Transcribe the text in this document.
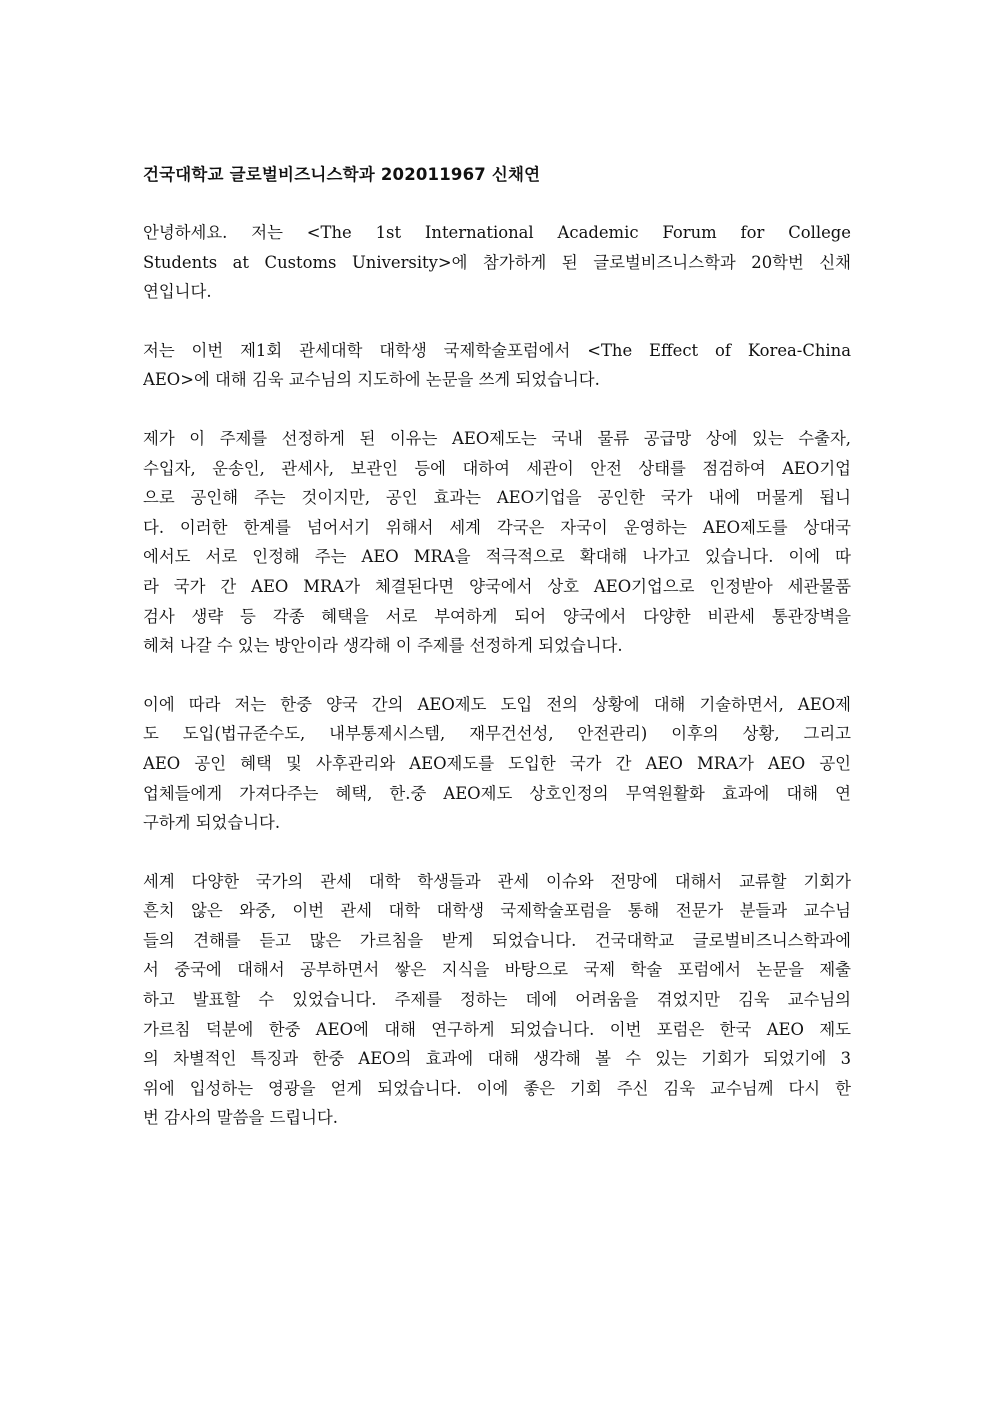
건국대학교 글로벌비즈니스학과 202011967 신채연
안녕하세요. 저는 <The 1st International Academic Forum for College
Students at Customs University>에 참가하게 된 글로벌비즈니스학과 20학번 신채
연입니다.
저는 이번 제1회 관세대학 대학생 국제학술포럼에서 <The Effect of Korea-China
AEO>에 대해 김욱 교수님의 지도하에 논문을 쓰게 되었습니다.
제가 이 주제를 선정하게 된 이유는 AEO제도는 국내 물류 공급망 상에 있는 수출자,
수입자, 운송인, 관세사, 보관인 등에 대하여 세관이 안전 상태를 점검하여 AEO기업
으로 공인해 주는 것이지만, 공인 효과는 AEO기업을 공인한 국가 내에 머물게 됩니
다. 이러한 한계를 넘어서기 위해서 세계 각국은 자국이 운영하는 AEO제도를 상대국
에서도 서로 인정해 주는 AEO MRA을 적극적으로 확대해 나가고 있습니다. 이에 따
라 국가 간 AEO MRA가 체결된다면 양국에서 상호 AEO기업으로 인정받아 세관물품
검사 생략 등 각종 혜택을 서로 부여하게 되어 양국에서 다양한 비관세 통관장벽을
헤쳐 나갈 수 있는 방안이라 생각해 이 주제를 선정하게 되었습니다.
이에 따라 저는 한중 양국 간의 AEO제도 도입 전의 상황에 대해 기술하면서, AEO제
도 도입(법규준수도, 내부통제시스템, 재무건선성, 안전관리) 이후의 상황, 그리고
AEO 공인 혜택 및 사후관리와 AEO제도를 도입한 국가 간 AEO MRA가 AEO 공인
업체들에게 가져다주는 혜택, 한.중 AEO제도 상호인정의 무역원활화 효과에 대해 연
구하게 되었습니다.
세계 다양한 국가의 관세 대학 학생들과 관세 이슈와 전망에 대해서 교류할 기회가
흔치 않은 와중, 이번 관세 대학 대학생 국제학술포럼을 통해 전문가 분들과 교수님
들의 견해를 듣고 많은 가르침을 받게 되었습니다. 건국대학교 글로벌비즈니스학과에
서 중국에 대해서 공부하면서 쌓은 지식을 바탕으로 국제 학술 포럼에서 논문을 제출
하고 발표할 수 있었습니다. 주제를 정하는 데에 어려움을 겪었지만 김욱 교수님의
가르침 덕분에 한중 AEO에 대해 연구하게 되었습니다. 이번 포럼은 한국 AEO 제도
의 차별적인 특징과 한중 AEO의 효과에 대해 생각해 볼 수 있는 기회가 되었기에 3
위에 입성하는 영광을 얻게 되었습니다. 이에 좋은 기회 주신 김욱 교수님께 다시 한
번 감사의 말씀을 드립니다.
